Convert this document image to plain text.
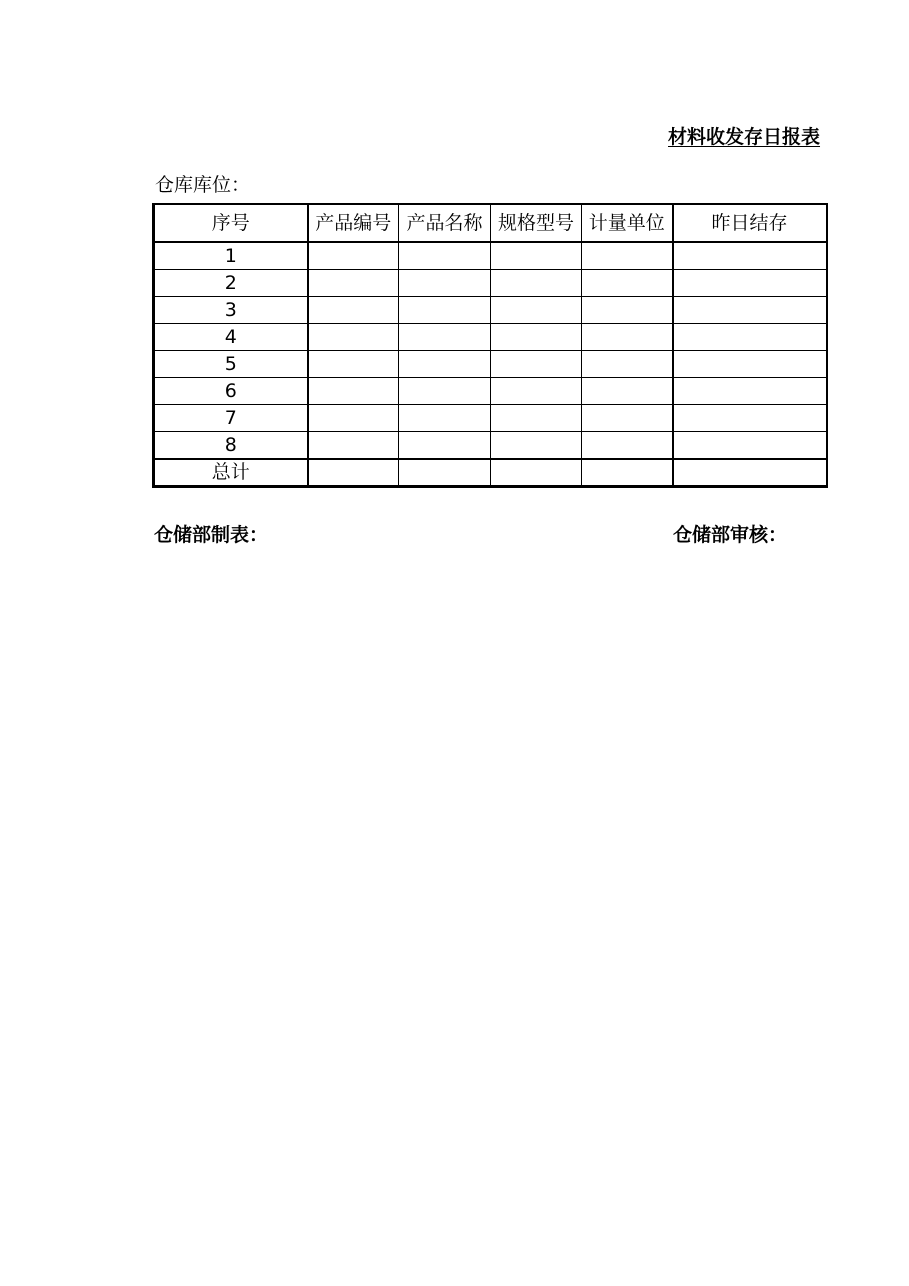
材料收发存日报表
仓库库位：
序号	产品编号	产品名称	规格型号	计量单位	昨日结存
1					
2					
3					
4					
5					
6					
7					
8					
总计					
仓储部制表：	仓储部审核：
